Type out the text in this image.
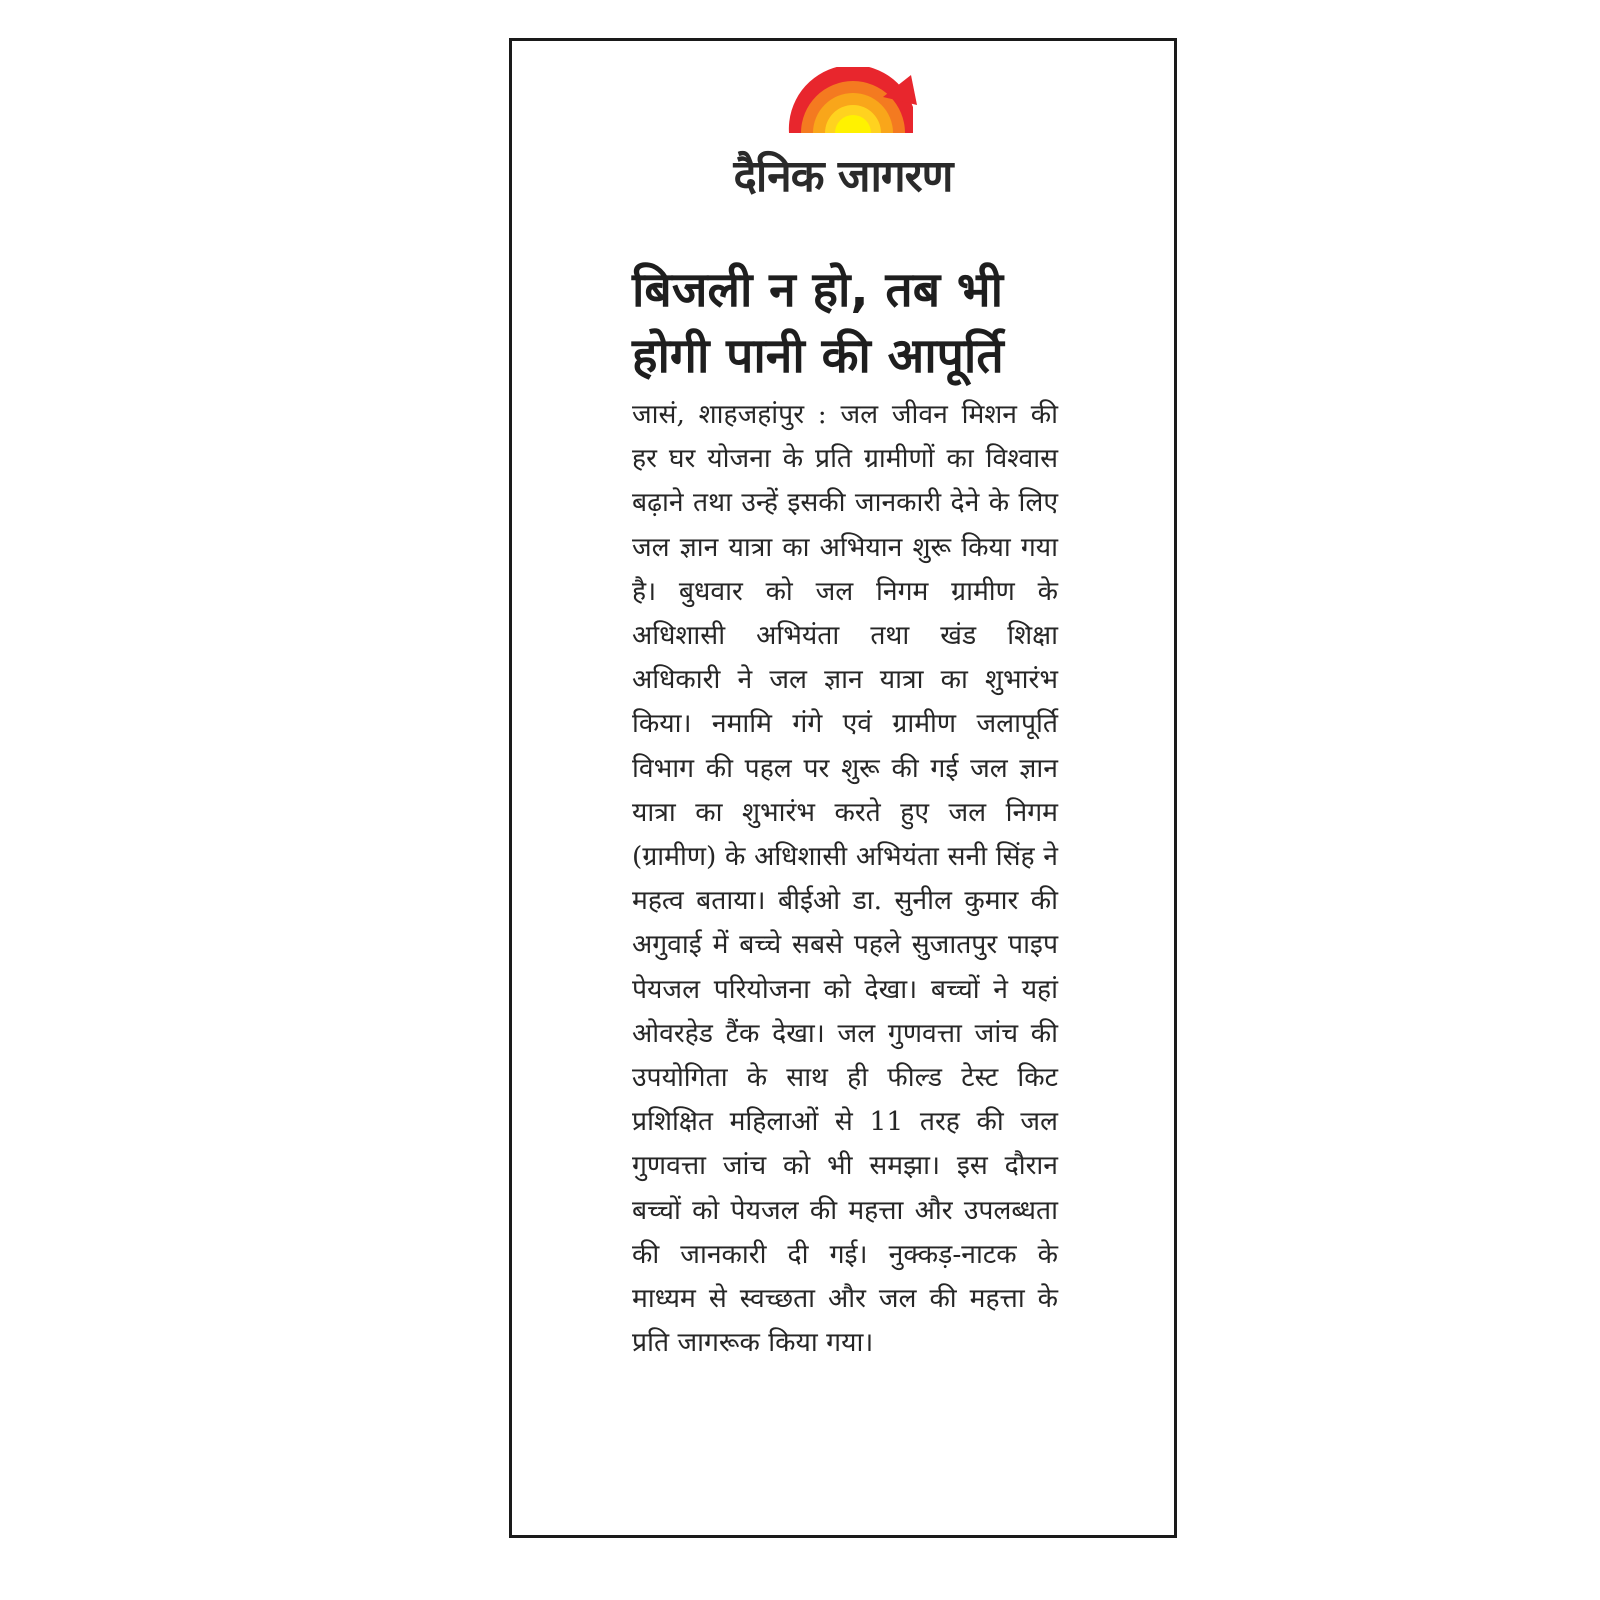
दैनिक जागरण
बिजली न हो, तब भी होगी पानी की आपूर्ति

जासं, शाहजहांपुर : जल जीवन मिशन की हर घर योजना के प्रति ग्रामीणों का विश्वास बढ़ाने तथा उन्हें इसकी जानकारी देने के लिए जल ज्ञान यात्रा का अभियान शुरू किया गया है। बुधवार को जल निगम ग्रामीण के अधिशासी अभियंता तथा खंड शिक्षा अधिकारी ने जल ज्ञान यात्रा का शुभारंभ किया। नमामि गंगे एवं ग्रामीण जलापूर्ति विभाग की पहल पर शुरू की गई जल ज्ञान यात्रा का शुभारंभ करते हुए जल निगम (ग्रामीण) के अधिशासी अभियंता सनी सिंह ने महत्व बताया। बीईओ डा. सुनील कुमार की अगुवाई में बच्चे सबसे पहले सुजातपुर पाइप पेयजल परियोजना को देखा। बच्चों ने यहां ओवरहेड टैंक देखा। जल गुणवत्ता जांच की उपयोगिता के साथ ही फील्ड टेस्ट किट प्रशिक्षित महिलाओं से 11 तरह की जल गुणवत्ता जांच को भी समझा। इस दौरान बच्चों को पेयजल की महत्ता और उपलब्धता की जानकारी दी गई। नुक्कड़-नाटक के माध्यम से स्वच्छता और जल की महत्ता के प्रति जागरूक किया गया।
